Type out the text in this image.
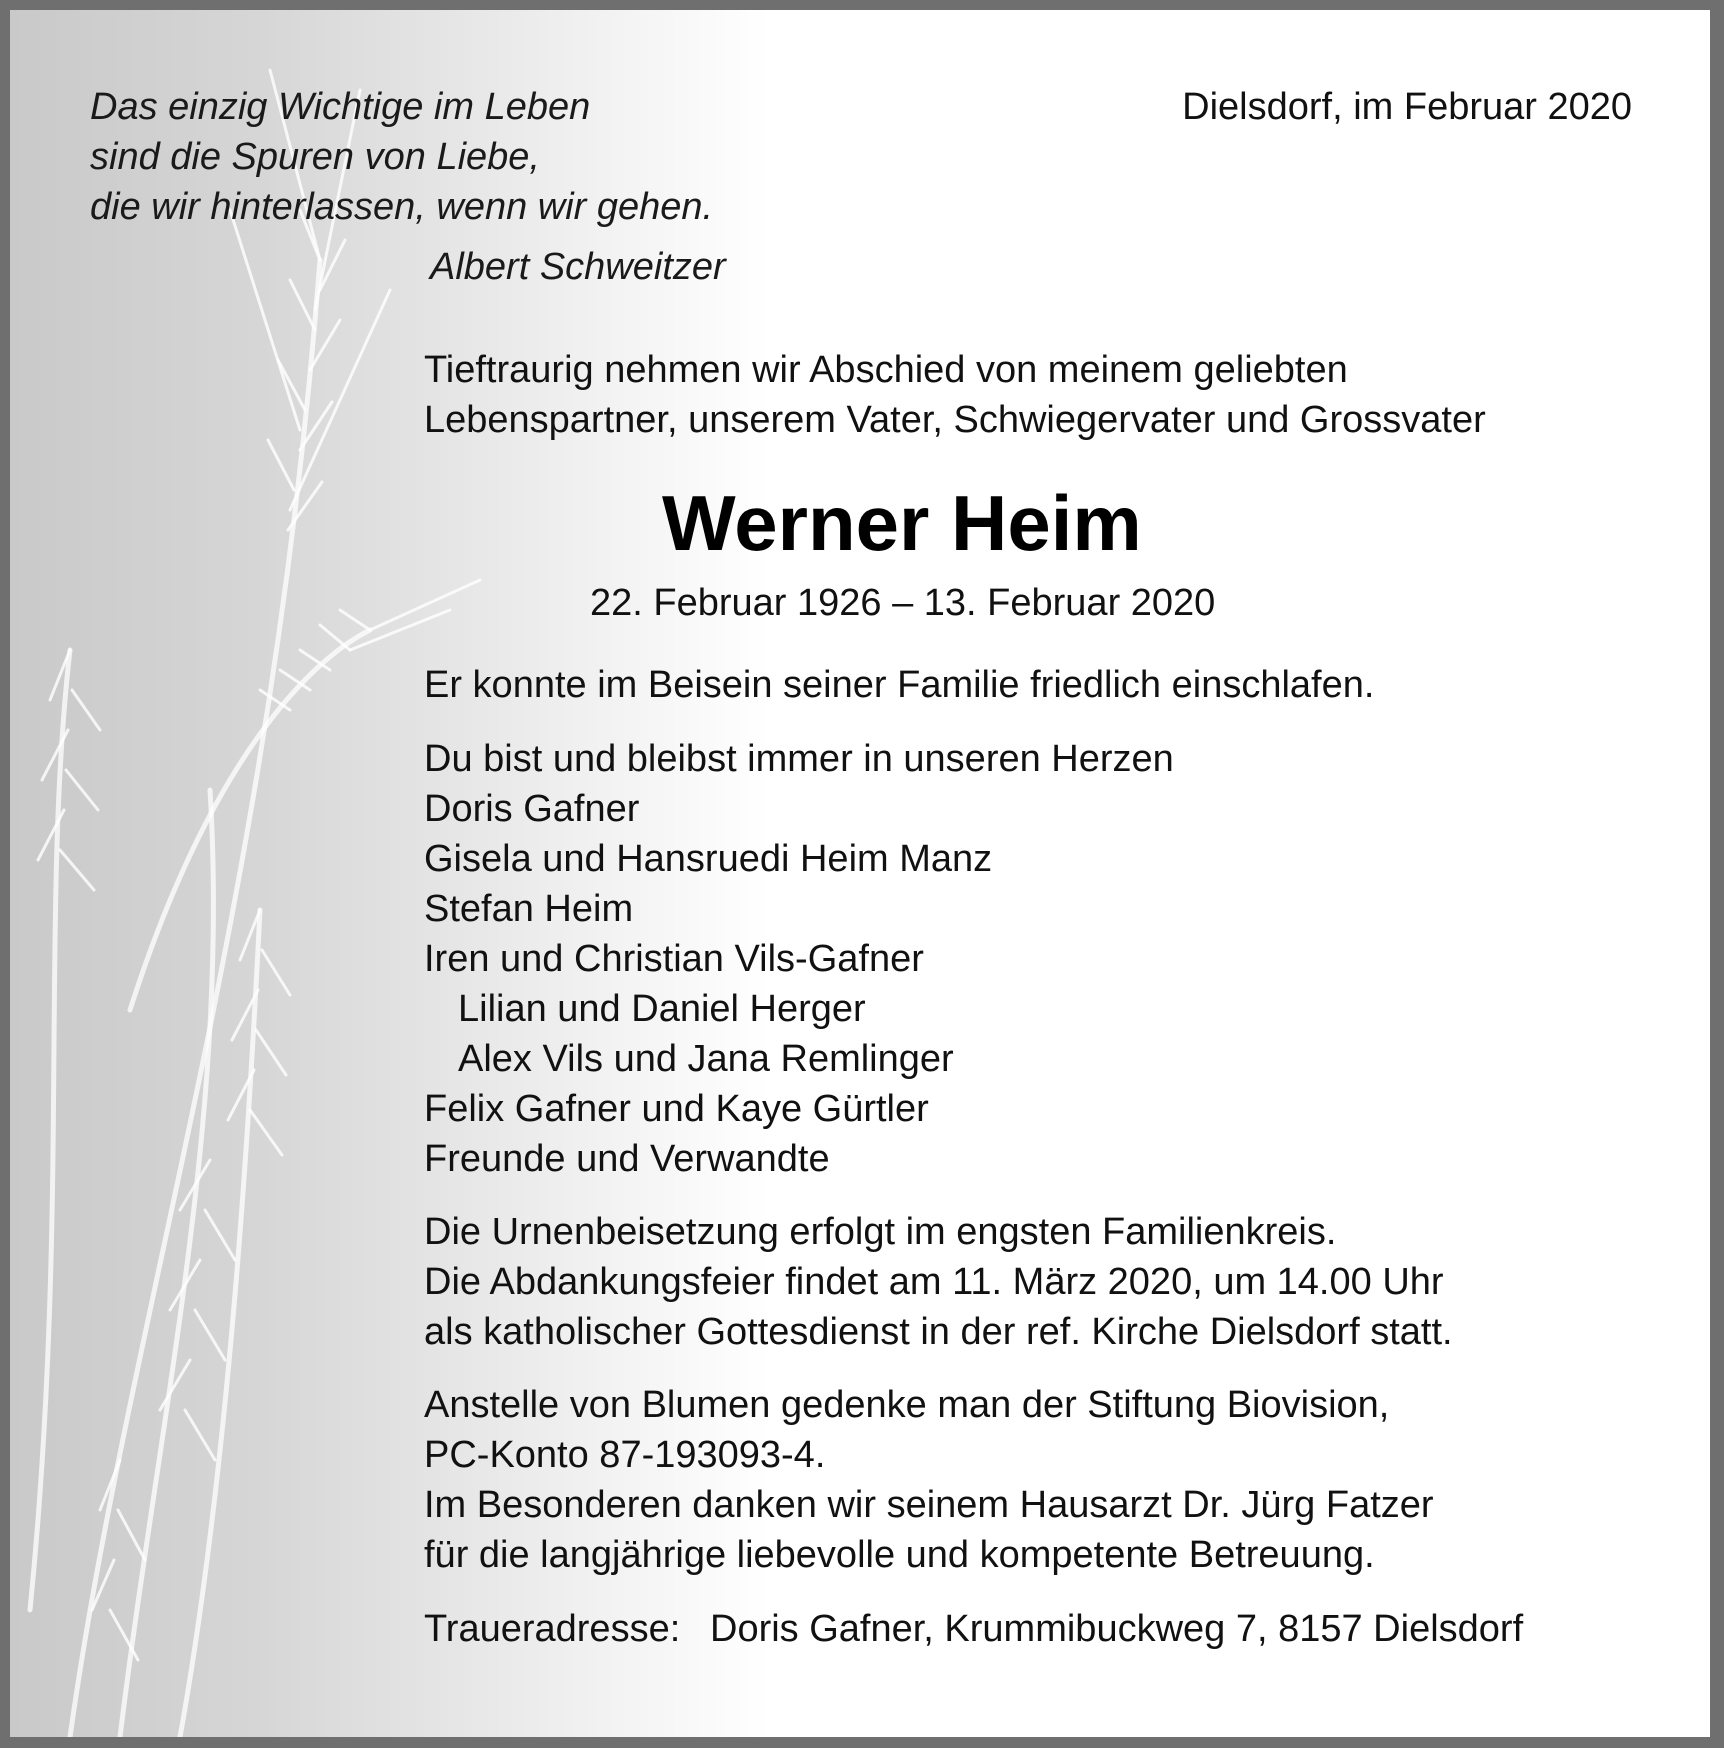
Das einzig Wichtige im Leben
sind die Spuren von Liebe,
die wir hinterlassen, wenn wir gehen.
Albert Schweitzer
Dielsdorf, im Februar 2020
Tieftraurig nehmen wir Abschied von meinem geliebten
Lebenspartner, unserem Vater, Schwiegervater und Grossvater
Werner Heim
22. Februar 1926 – 13. Februar 2020
Er konnte im Beisein seiner Familie friedlich einschlafen.
Du bist und bleibst immer in unseren Herzen
Doris Gafner
Gisela und Hansruedi Heim Manz
Stefan Heim
Iren und Christian Vils-Gafner
Lilian und Daniel Herger
Alex Vils und Jana Remlinger
Felix Gafner und Kaye Gürtler
Freunde und Verwandte
Die Urnenbeisetzung erfolgt im engsten Familienkreis.
Die Abdankungsfeier findet am 11. März 2020, um 14.00 Uhr
als katholischer Gottesdienst in der ref. Kirche Dielsdorf statt.
Anstelle von Blumen gedenke man der Stiftung Biovision,
PC-Konto 87-193093-4.
Im Besonderen danken wir seinem Hausarzt Dr. Jürg Fatzer
für die langjährige liebevolle und kompetente Betreuung.
Traueradresse: Doris Gafner, Krummibuckweg 7, 8157 Dielsdorf
